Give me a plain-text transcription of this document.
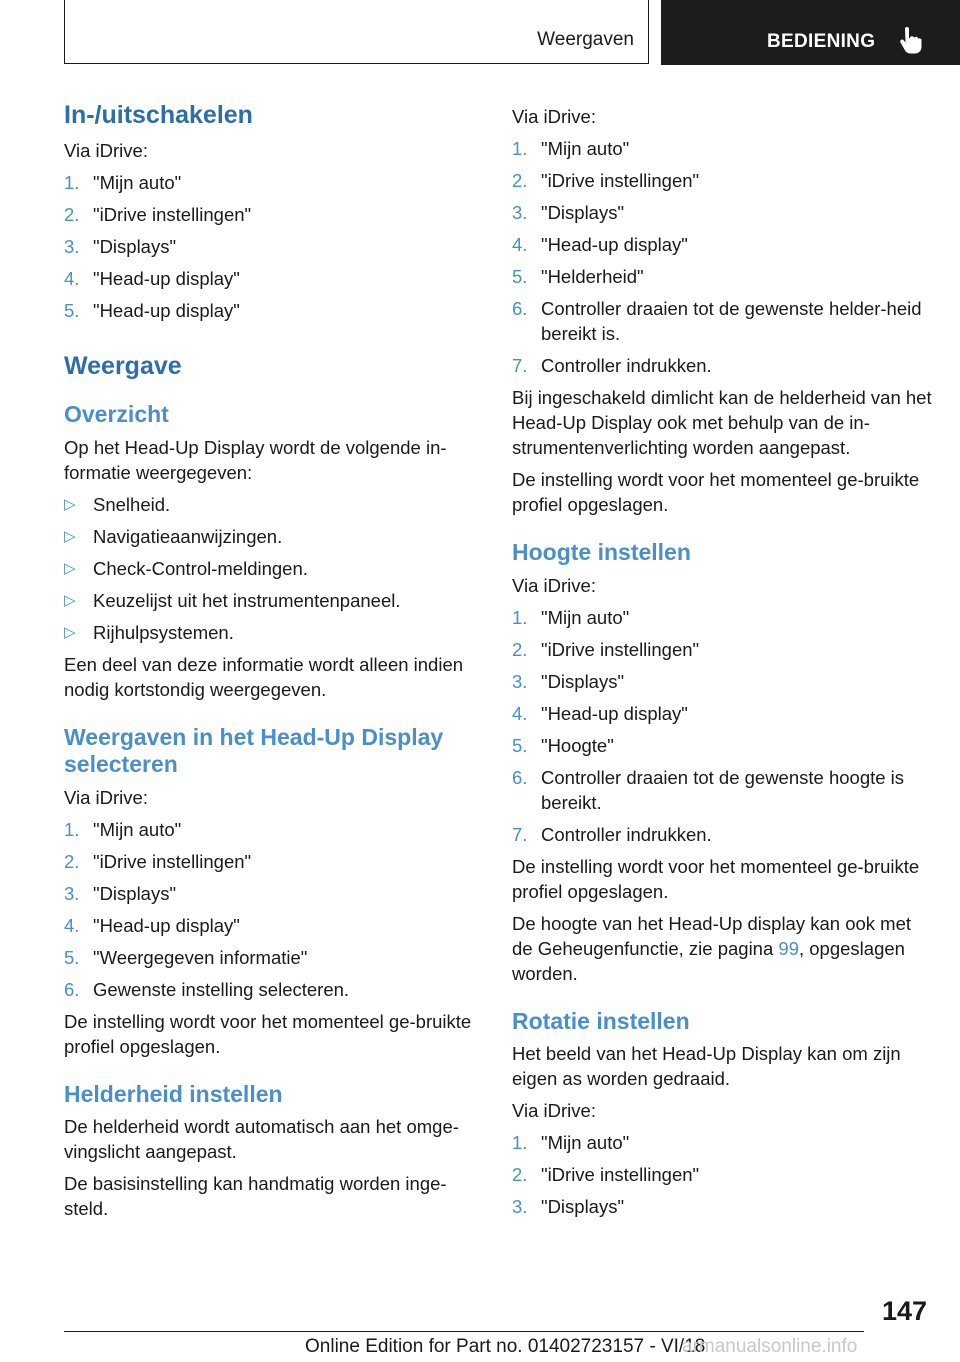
Weergaven	BEDIENING
In-/uitschakelen
Via iDrive:
1. "Mijn auto"
2. "iDrive instellingen"
3. "Displays"
4. "Head-up display"
5. "Head-up display"
Weergave
Overzicht
Op het Head-Up Display wordt de volgende in-formatie weergegeven:
▷ Snelheid.
▷ Navigatieaanwijzingen.
▷ Check-Control-meldingen.
▷ Keuzelijst uit het instrumentenpaneel.
▷ Rijhulpsystemen.
Een deel van deze informatie wordt alleen indien nodig kortstondig weergegeven.
Weergaven in het Head-Up Display selecteren
Via iDrive:
1. "Mijn auto"
2. "iDrive instellingen"
3. "Displays"
4. "Head-up display"
5. "Weergegeven informatie"
6. Gewenste instelling selecteren.
De instelling wordt voor het momenteel ge-bruikte profiel opgeslagen.
Helderheid instellen
De helderheid wordt automatisch aan het omge-vingslicht aangepast.
De basisinstelling kan handmatig worden inge-steld.
Via iDrive:
1. "Mijn auto"
2. "iDrive instellingen"
3. "Displays"
4. "Head-up display"
5. "Helderheid"
6. Controller draaien tot de gewenste helder-heid bereikt is.
7. Controller indrukken.
Bij ingeschakeld dimlicht kan de helderheid van het Head-Up Display ook met behulp van de in-strumentenverlichting worden aangepast.
De instelling wordt voor het momenteel ge-bruikte profiel opgeslagen.
Hoogte instellen
Via iDrive:
1. "Mijn auto"
2. "iDrive instellingen"
3. "Displays"
4. "Head-up display"
5. "Hoogte"
6. Controller draaien tot de gewenste hoogte is bereikt.
7. Controller indrukken.
De instelling wordt voor het momenteel ge-bruikte profiel opgeslagen.
De hoogte van het Head-Up display kan ook met de Geheugenfunctie, zie pagina 99, opgeslagen worden.
Rotatie instellen
Het beeld van het Head-Up Display kan om zijn eigen as worden gedraaid.
Via iDrive:
1. "Mijn auto"
2. "iDrive instellingen"
3. "Displays"
147
Online Edition for Part no. 01402723157 - VI/18
armanualsonline.info
